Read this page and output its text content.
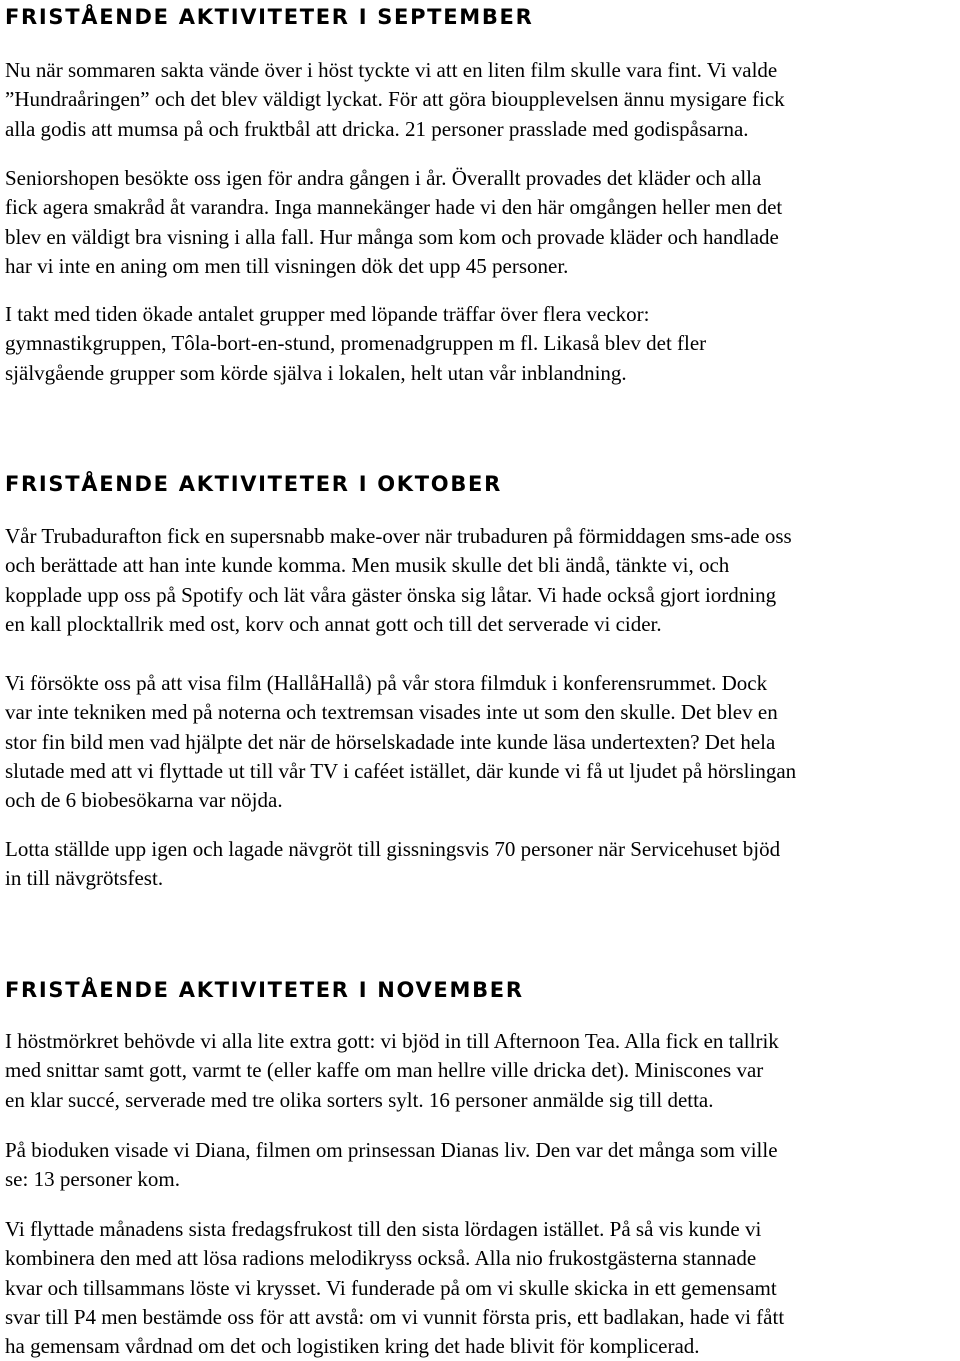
FRISTÅENDE AKTIVITETER I SEPTEMBER

Nu när sommaren sakta vände över i höst tyckte vi att en liten film skulle vara fint. Vi valde
”Hundraåringen” och det blev väldigt lyckat. För att göra bioupplevelsen ännu mysigare fick
alla godis att mumsa på och fruktbål att dricka. 21 personer prasslade med godispåsarna.

Seniorshopen besökte oss igen för andra gången i år. Överallt provades det kläder och alla
fick agera smakråd åt varandra. Inga mannekänger hade vi den här omgången heller men det
blev en väldigt bra visning i alla fall. Hur många som kom och provade kläder och handlade
har vi inte en aning om men till visningen dök det upp 45 personer.

I takt med tiden ökade antalet grupper med löpande träffar över flera veckor:
gymnastikgruppen, Tôla-bort-en-stund, promenadgruppen m fl. Likaså blev det fler
självgående grupper som körde själva i lokalen, helt utan vår inblandning.

FRISTÅENDE AKTIVITETER I OKTOBER

Vår Trubadurafton fick en supersnabb make-over när trubaduren på förmiddagen sms-ade oss
och berättade att han inte kunde komma. Men musik skulle det bli ändå, tänkte vi, och
kopplade upp oss på Spotify och lät våra gäster önska sig låtar. Vi hade också gjort iordning
en kall plocktallrik med ost, korv och annat gott och till det serverade vi cider.

Vi försökte oss på att visa film (HallåHallå) på vår stora filmduk i konferensrummet. Dock
var inte tekniken med på noterna och textremsan visades inte ut som den skulle. Det blev en
stor fin bild men vad hjälpte det när de hörselskadade inte kunde läsa undertexten? Det hela
slutade med att vi flyttade ut till vår TV i caféet istället, där kunde vi få ut ljudet på hörslingan
och de 6 biobesökarna var nöjda.

Lotta ställde upp igen och lagade nävgröt till gissningsvis 70 personer när Servicehuset bjöd
in till nävgrötsfest.

FRISTÅENDE AKTIVITETER I NOVEMBER

I höstmörkret behövde vi alla lite extra gott: vi bjöd in till Afternoon Tea. Alla fick en tallrik
med snittar samt gott, varmt te (eller kaffe om man hellre ville dricka det). Miniscones var
en klar succé, serverade med tre olika sorters sylt. 16 personer anmälde sig till detta.

På bioduken visade vi Diana, filmen om prinsessan Dianas liv. Den var det många som ville
se: 13 personer kom.

Vi flyttade månadens sista fredagsfrukost till den sista lördagen istället. På så vis kunde vi
kombinera den med att lösa radions melodikryss också. Alla nio frukostgästerna stannade
kvar och tillsammans löste vi krysset. Vi funderade på om vi skulle skicka in ett gemensamt
svar till P4 men bestämde oss för att avstå: om vi vunnit första pris, ett badlakan, hade vi fått
ha gemensam vårdnad om det och logistiken kring det hade blivit för komplicerad.
